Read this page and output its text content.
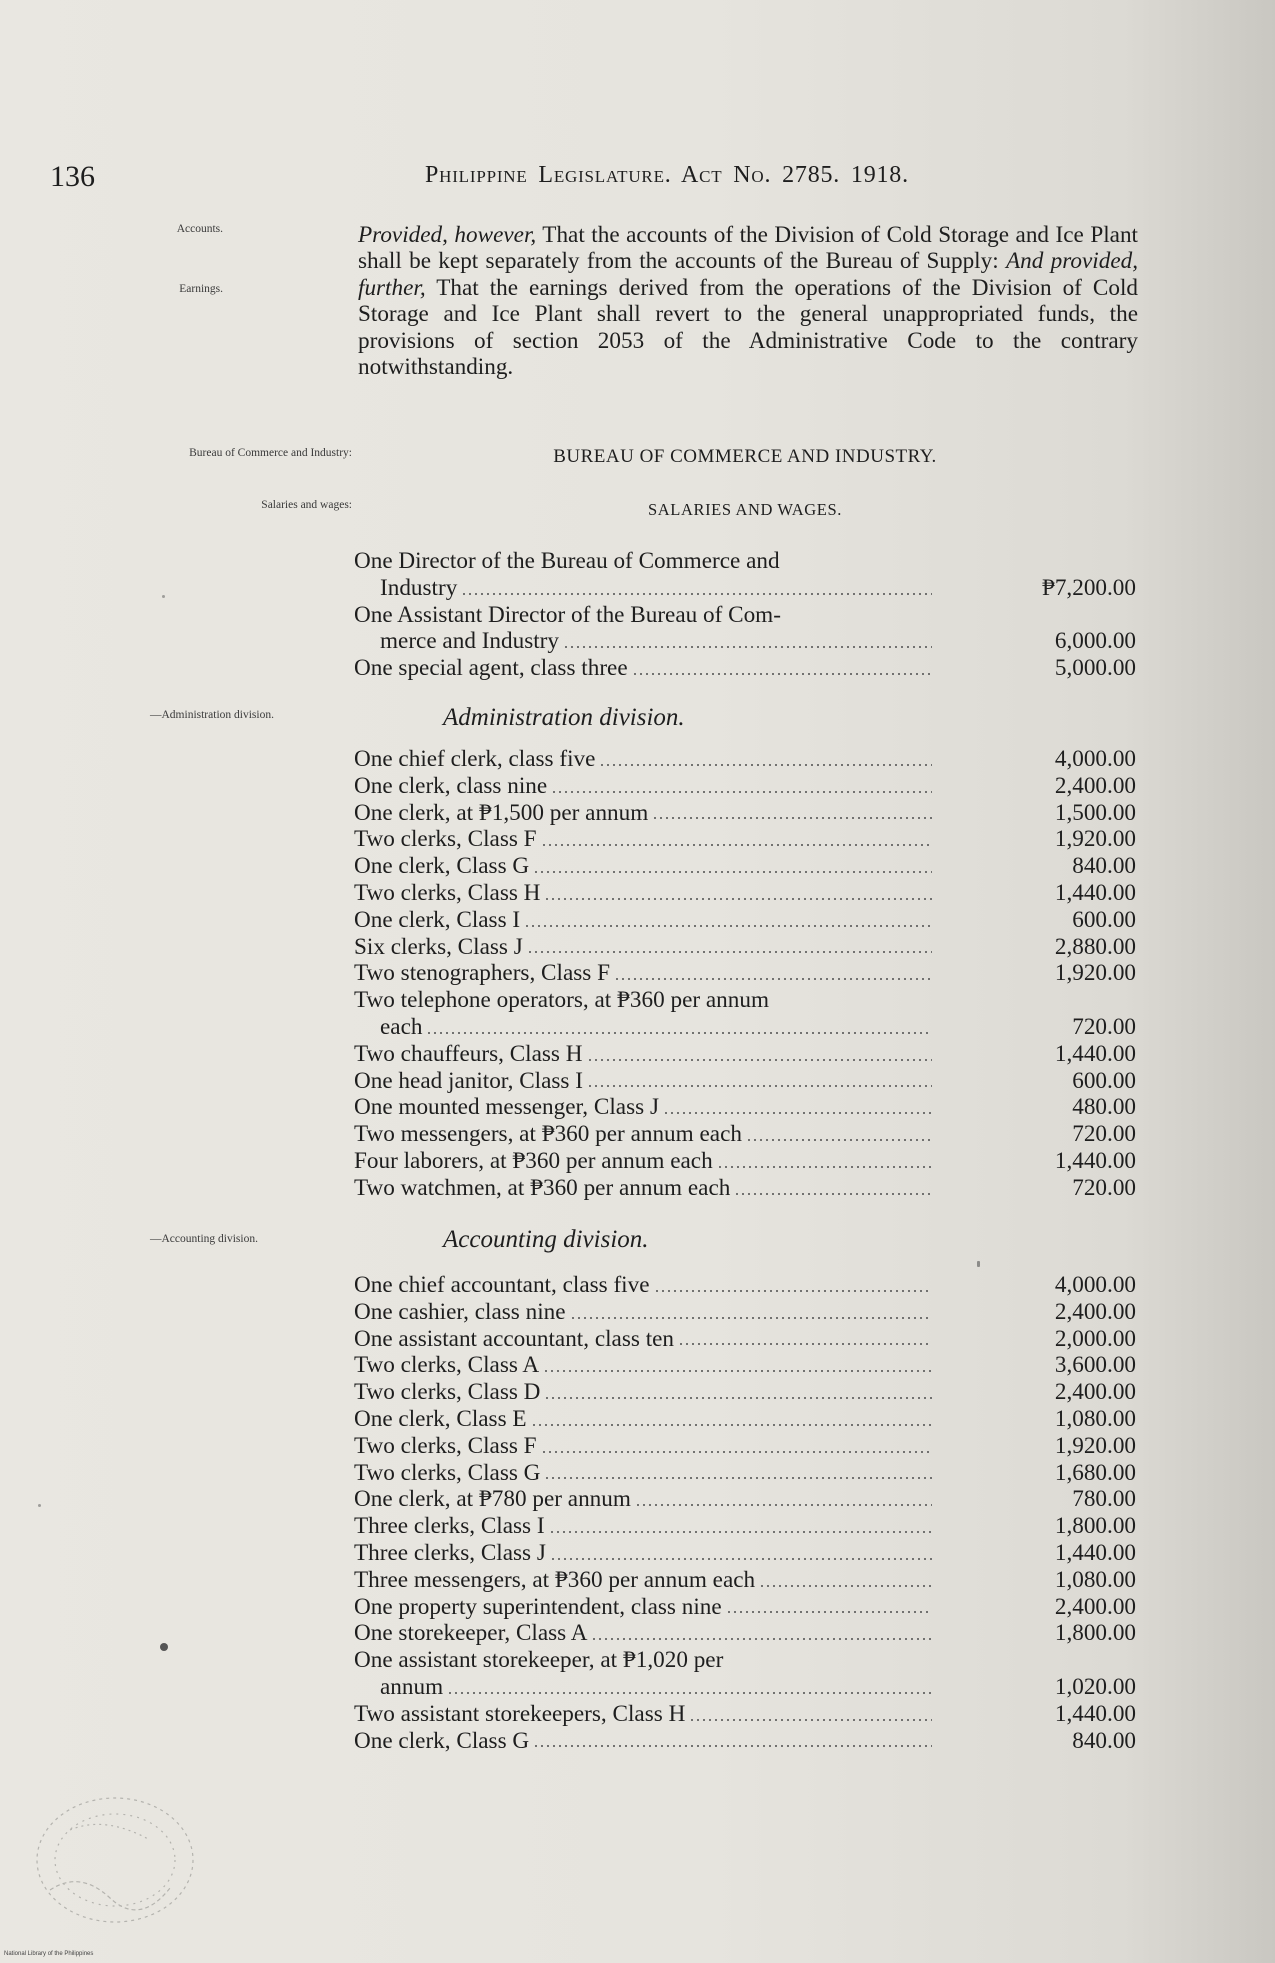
136	Philippine Legislature. Act No. 2785. 1918.
Accounts.
Earnings.

Provided, however, That the accounts of the Division of Cold Storage and Ice Plant shall be kept separately from the accounts of the Bureau of Supply: And provided, further, That the earnings derived from the operations of the Division of Cold Storage and Ice Plant shall revert to the general unappropriated funds, the provisions of section 2053 of the Administrative Code to the contrary notwithstanding.

Bureau of Commerce and Industry:	BUREAU OF COMMERCE AND INDUSTRY.
Salaries and wages:	SALARIES AND WAGES.
One Director of the Bureau of Commerce and
Industry	₱7,200.00
One Assistant Director of the Bureau of Com-
merce and Industry	6,000.00
One special agent, class three	5,000.00
—Administration division.	Administration division.
One chief clerk, class five	4,000.00
One clerk, class nine	2,400.00
One clerk, at ₱1,500 per annum	1,500.00
Two clerks, Class F	1,920.00
One clerk, Class G	840.00
Two clerks, Class H	1,440.00
One clerk, Class I	600.00
Six clerks, Class J	2,880.00
Two stenographers, Class F	1,920.00
Two telephone operators, at ₱360 per annum
each	720.00
Two chauffeurs, Class H	1,440.00
One head janitor, Class I	600.00
One mounted messenger, Class J	480.00
Two messengers, at ₱360 per annum each	720.00
Four laborers, at ₱360 per annum each	1,440.00
Two watchmen, at ₱360 per annum each	720.00
—Accounting division.	Accounting division.
One chief accountant, class five	4,000.00
One cashier, class nine	2,400.00
One assistant accountant, class ten	2,000.00
Two clerks, Class A	3,600.00
Two clerks, Class D	2,400.00
One clerk, Class E	1,080.00
Two clerks, Class F	1,920.00
Two clerks, Class G	1,680.00
One clerk, at ₱780 per annum	780.00
Three clerks, Class I	1,800.00
Three clerks, Class J	1,440.00
Three messengers, at ₱360 per annum each	1,080.00
One property superintendent, class nine	2,400.00
One storekeeper, Class A	1,800.00
One assistant storekeeper, at ₱1,020 per
annum	1,020.00
Two assistant storekeepers, Class H	1,440.00
One clerk, Class G	840.00
National Library of the Philippines
